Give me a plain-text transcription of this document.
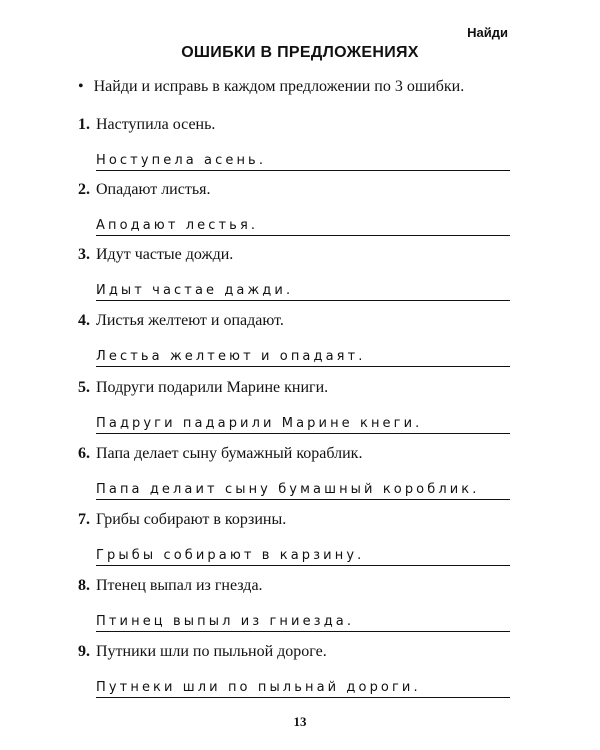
Найди
ОШИБКИ В ПРЕДЛОЖЕНИЯХ
• Найди и исправь в каждом предложении по 3 ошибки.
1. Наступила осень.
Ноступела асень.
2. Опадают листья.
Аподают лестья.
3. Идут частые дожди.
Идыт частае дажди.
4. Листья желтеют и опадают.
Лестьа желтеют и опадаят.
5. Подруги подарили Марине книги.
Падруги падарили Марине кнеги.
6. Папа делает сыну бумажный кораблик.
Папа делаит сыну бумашный короблик.
7. Грибы собирают в корзины.
Грыбы собирают в карзину.
8. Птенец выпал из гнезда.
Птинец выпыл из гниезда.
9. Путники шли по пыльной дороге.
Путнеки шли по пыльнай дороги.
13
